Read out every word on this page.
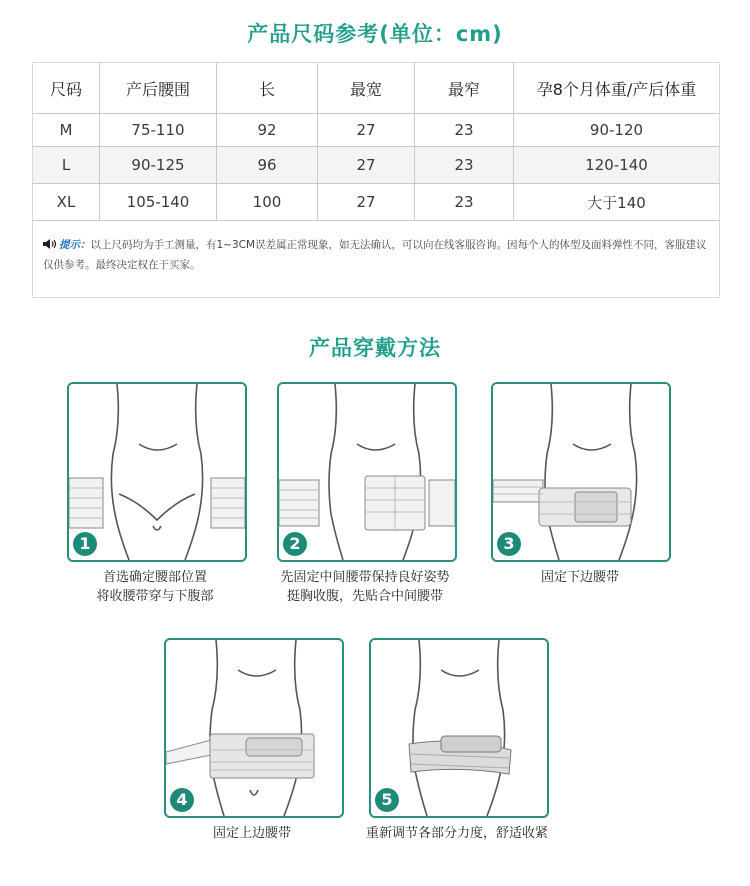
产品尺码参考(单位：cm)
尺码	产后腰围	长	最宽	最窄	孕8个月体重/产后体重
M	75-110	92	27	23	90-120
L	90-125	96	27	23	120-140
XL	105-140	100	27	23	大于140
提示：以上尺码均为手工测量，有1~3CM误差属正常现象，如无法确认，可以向在线客服咨询。因每个人的体型及面料弹性不同，客服建议仅供参考。最终决定权在于买家。
产品穿戴方法
1
首选确定腰部位置
将收腰带穿与下腹部
2
先固定中间腰带保持良好姿势
挺胸收腹，先贴合中间腰带
3
固定下边腰带
4
固定上边腰带
5
重新调节各部分力度，舒适收紧
